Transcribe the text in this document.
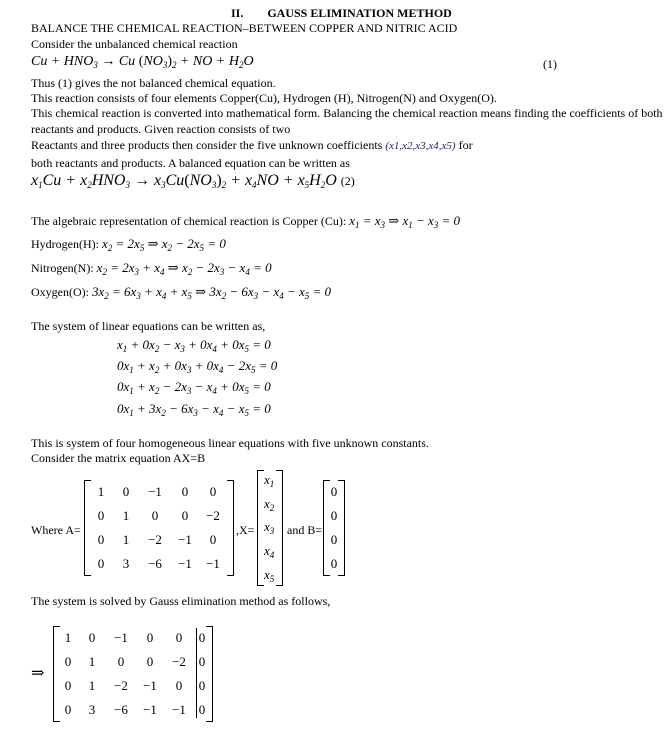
II. GAUSS ELIMINATION METHOD
BALANCE THE CHEMICAL REACTION–BETWEEN COPPER AND NITRIC ACID
Consider the unbalanced chemical reaction
$Cu + HNO_3 \to Cu$ $(NO_3)_2$ + NO + $H_2O$	(1)
Thus (1) gives the not balanced chemical equation.
This reaction consists of four elements Copper(Cu), Hydrogen (H), Nitrogen(N) and Oxygen(O).
This chemical reaction is converted into mathematical form. Balancing the chemical reaction means finding the coefficients of both
reactants and products. Given reaction consists of two
Reactants and three products then consider the five unknown coefficients (x1,x2,x3,x4,x5) for
both reactants and products. A balanced equation can be written as
$x_1Cu + x_2HNO_3 \to x_3Cu(NO_3)_2 + x_4NO + x_5H_2O$ (2)
The algebraic representation of chemical reaction is Copper (Cu): $x_1 = x_3$ ⇒ $x_1 - x_3 = 0$
Hydrogen(H): $x_2 = 2x_5$ ⇒ $x_2 - 2x_5 = 0$
Nitrogen(N): $x_2 = 2x_3 + x_4$ ⇒ $x_2 - 2x_3 - x_4 = 0$
Oxygen(O): $3x_2 = 6x_3 + x_4 + x_5$ ⇒ $3x_2 - 6x_3 - x_4 - x_5 = 0$
The system of linear equations can be written as,
$x_1 + 0x_2 - x_3 + 0x_4 + 0x_5 = 0$
$0x_1 + x_2 + 0x_3 + 0x_4 - 2x_5 = 0$
$0x_1 + x_2 - 2x_3 - x_4 + 0x_5 = 0$
$0x_1 + 3x_2 - 6x_3 - x_4 - x_5 = 0$
This is system of four homogeneous linear equations with five unknown constants.
Consider the matrix equation AX=B
Where A=
1	0	−1	0	0
0	1	0	0	−2
0	1	−2	−1	0
0	3	−6	−1	−1
,X=
$x_1$
$x_2$
$x_3$
$x_4$
$x_5$
and B=
0
0
0
0
The system is solved by Gauss elimination method as follows,
⇒
1	0	−1	0	0	0
0	1	0	0	−2 0
0	1	−2	−1	0	0
0	3	−6	−1	−1 0
